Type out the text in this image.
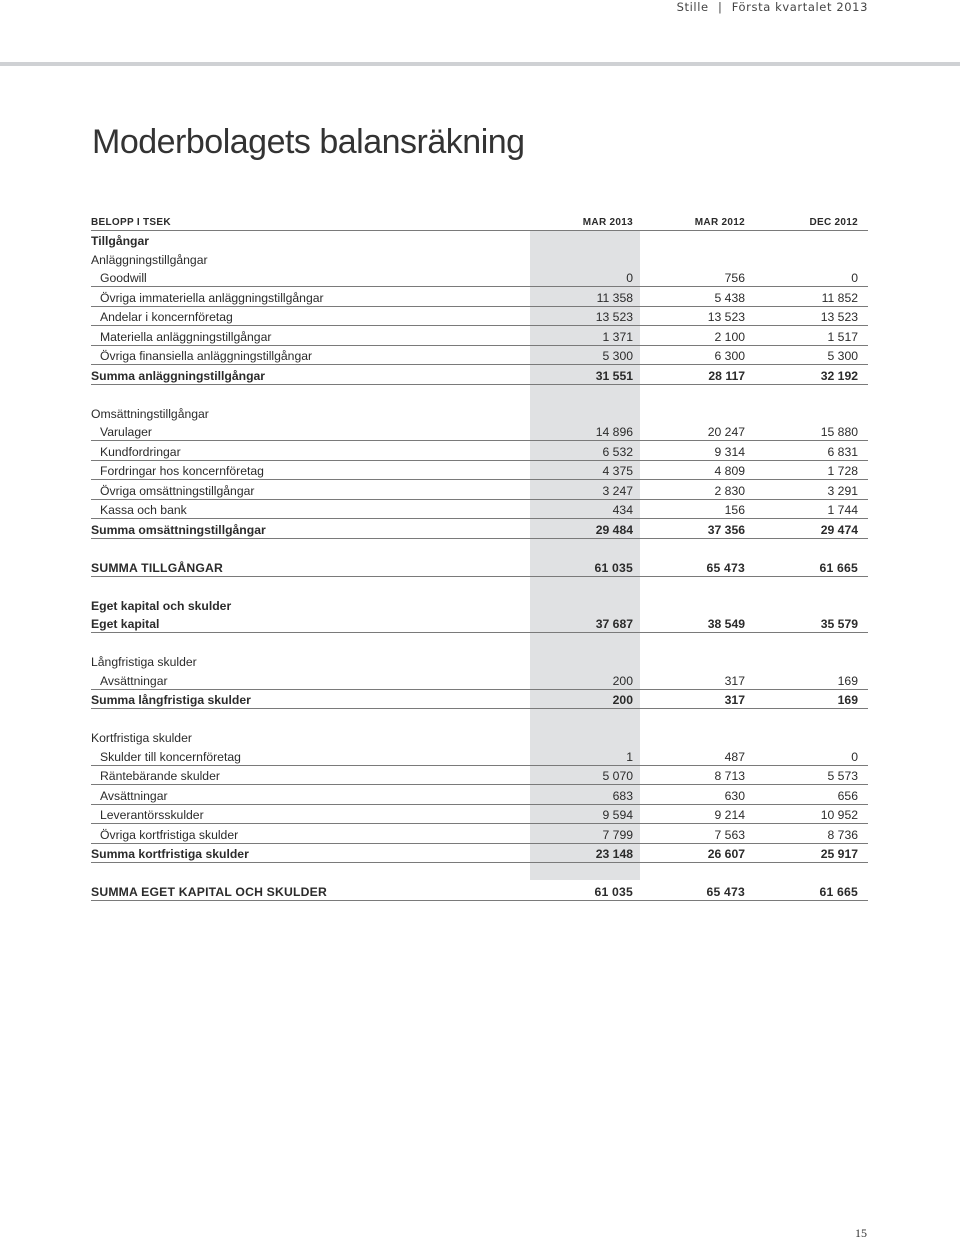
Stille | Första kvartalet 2013
Moderbolagets balansräkning
BELOPP I TSEK	MAR 2013	MAR 2012	DEC 2012
Tillgångar
Anläggningstillgångar
Goodwill	0	756	0
Övriga immateriella anläggningstillgångar	11 358	5 438	11 852
Andelar i koncernföretag	13 523	13 523	13 523
Materiella anläggningstillgångar	1 371	2 100	1 517
Övriga finansiella anläggningstillgångar	5 300	6 300	5 300
Summa anläggningstillgångar	31 551	28 117	32 192
Omsättningstillgångar
Varulager	14 896	20 247	15 880
Kundfordringar	6 532	9 314	6 831
Fordringar hos koncernföretag	4 375	4 809	1 728
Övriga omsättningstillgångar	3 247	2 830	3 291
Kassa och bank	434	156	1 744
Summa omsättningstillgångar	29 484	37 356	29 474
SUMMA TILLGÅNGAR	61 035	65 473	61 665
Eget kapital och skulder
Eget kapital	37 687	38 549	35 579
Långfristiga skulder
Avsättningar	200	317	169
Summa långfristiga skulder	200	317	169
Kortfristiga skulder
Skulder till koncernföretag	1	487	0
Räntebärande skulder	5 070	8 713	5 573
Avsättningar	683	630	656
Leverantörsskulder	9 594	9 214	10 952
Övriga kortfristiga skulder	7 799	7 563	8 736
Summa kortfristiga skulder	23 148	26 607	25 917
SUMMA EGET KAPITAL OCH SKULDER	61 035	65 473	61 665
15
